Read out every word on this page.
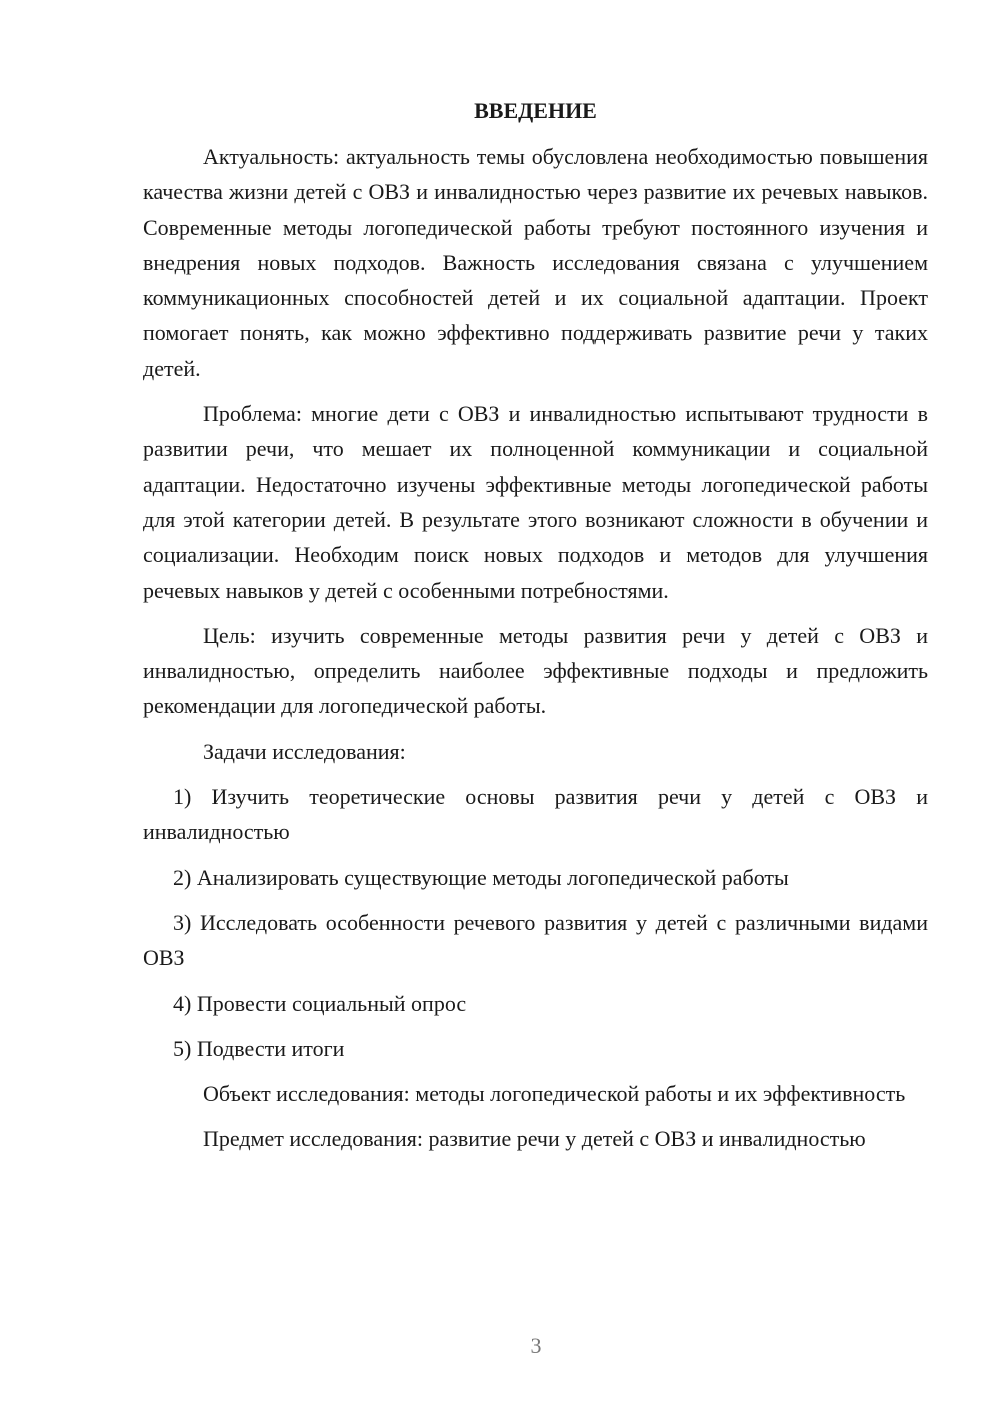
ВВЕДЕНИЕ

Актуальность: актуальность темы обусловлена необходимостью повышения качества жизни детей с ОВЗ и инвалидностью через развитие их речевых навыков. Современные методы логопедической работы требуют постоянного изучения и внедрения новых подходов. Важность исследования связана с улучшением коммуникационных способностей детей и их социальной адаптации. Проект помогает понять, как можно эффективно поддерживать развитие речи у таких детей.

Проблема: многие дети с ОВЗ и инвалидностью испытывают трудности в развитии речи, что мешает их полноценной коммуникации и социальной адаптации. Недостаточно изучены эффективные методы логопедической работы для этой категории детей. В результате этого возникают сложности в обучении и социализации. Необходим поиск новых подходов и методов для улучшения речевых навыков у детей с особенными потребностями.

Цель: изучить современные методы развития речи у детей с ОВЗ и инвалидностью, определить наиболее эффективные подходы и предложить рекомендации для логопедической работы.

Задачи исследования:

1) Изучить теоретические основы развития речи у детей с ОВЗ и инвалидностью

2) Анализировать существующие методы логопедической работы

3) Исследовать особенности речевого развития у детей с различными видами ОВЗ

4) Провести социальный опрос

5) Подвести итоги

Объект исследования: методы логопедической работы и их эффективность

Предмет исследования: развитие речи у детей с ОВЗ и инвалидностью

3
